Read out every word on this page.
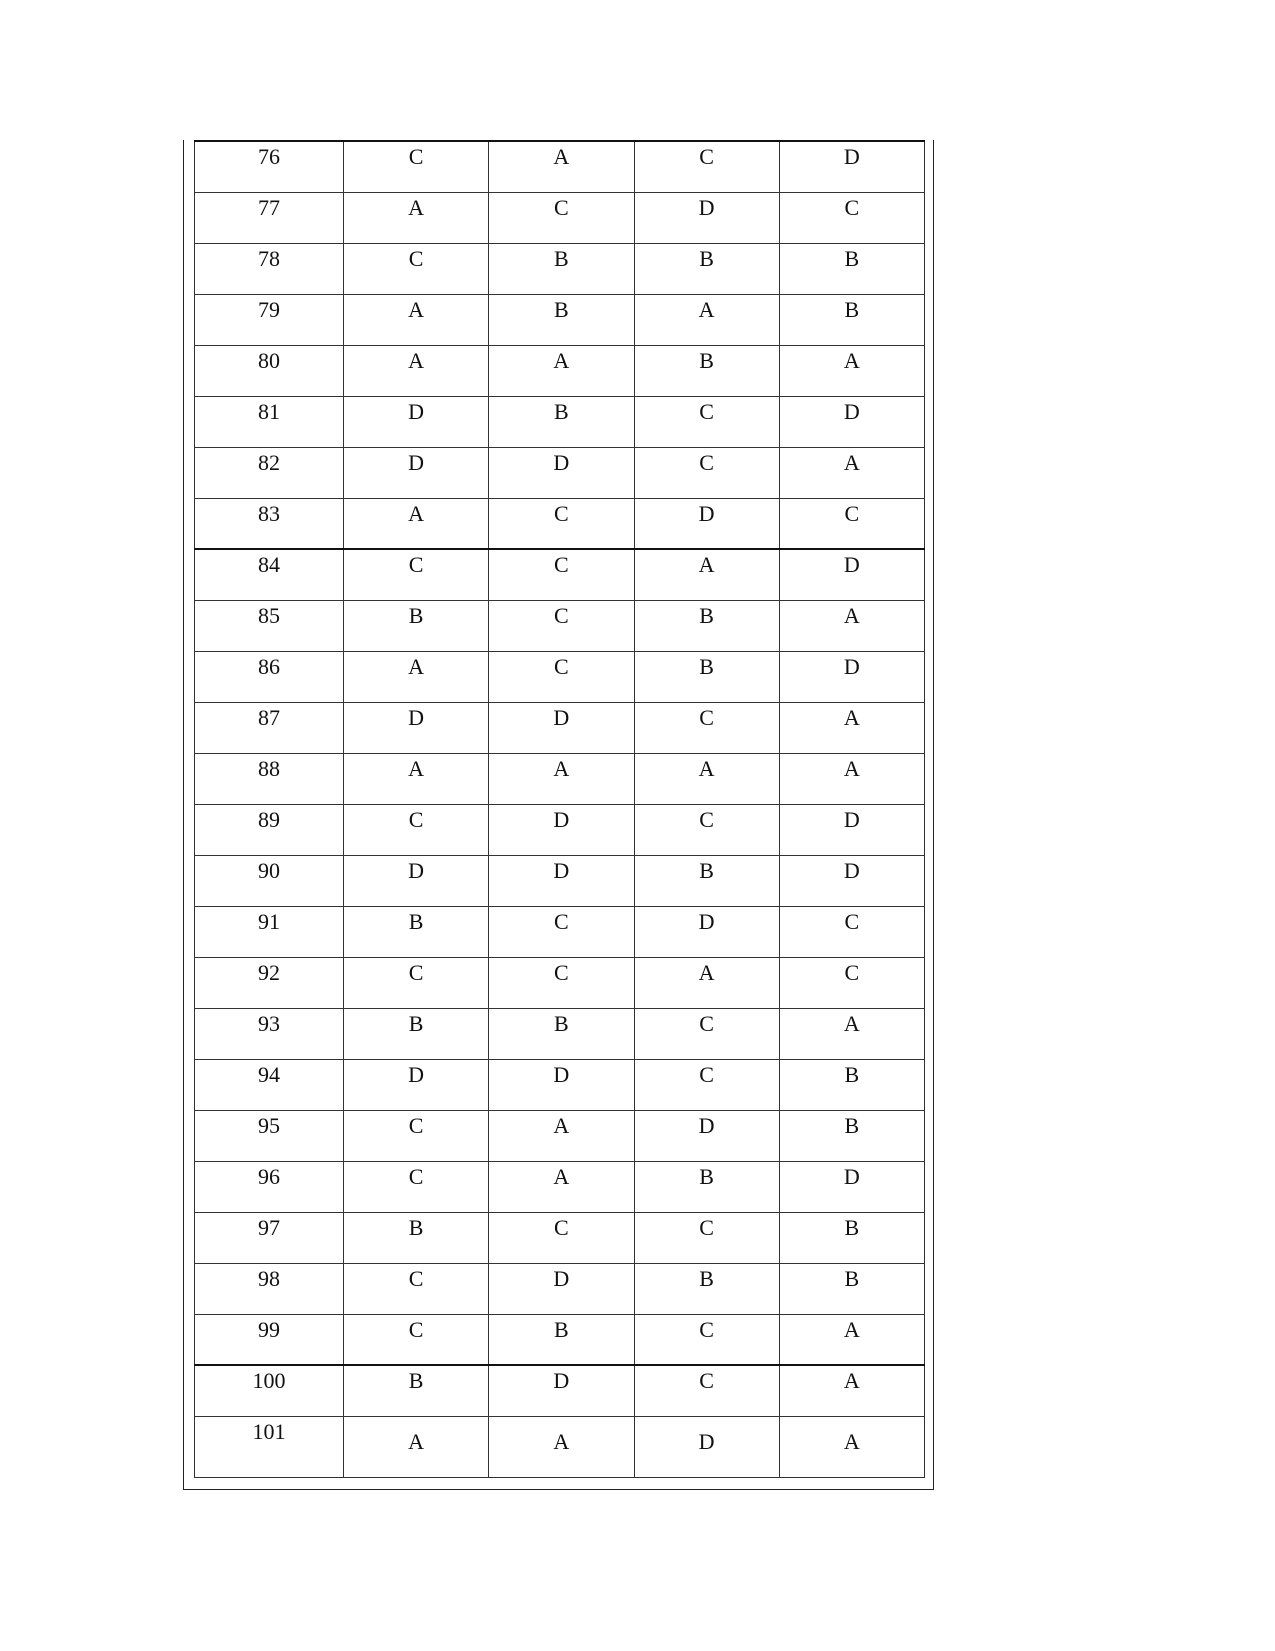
76	C	A	C	D

77	A	C	D	C

78	C	B	B	B

79	A	B	A	B

80	A	A	B	A

81	D	B	C	D

82	D	D	C	A

83	A	C	D	C

84	C	C	A	D

85	B	C	B	A

86	A	C	B	D

87	D	D	C	A

88	A	A	A	A

89	C	D	C	D

90	D	D	B	D

91	B	C	D	C

92	C	C	A	C

93	B	B	C	A

94	D	D	C	B

95	C	A	D	B

96	C	A	B	D

97	B	C	C	B

98	C	D	B	B

99	C	B	C	A

100	B	D	C	A

101	A	A	D	A
